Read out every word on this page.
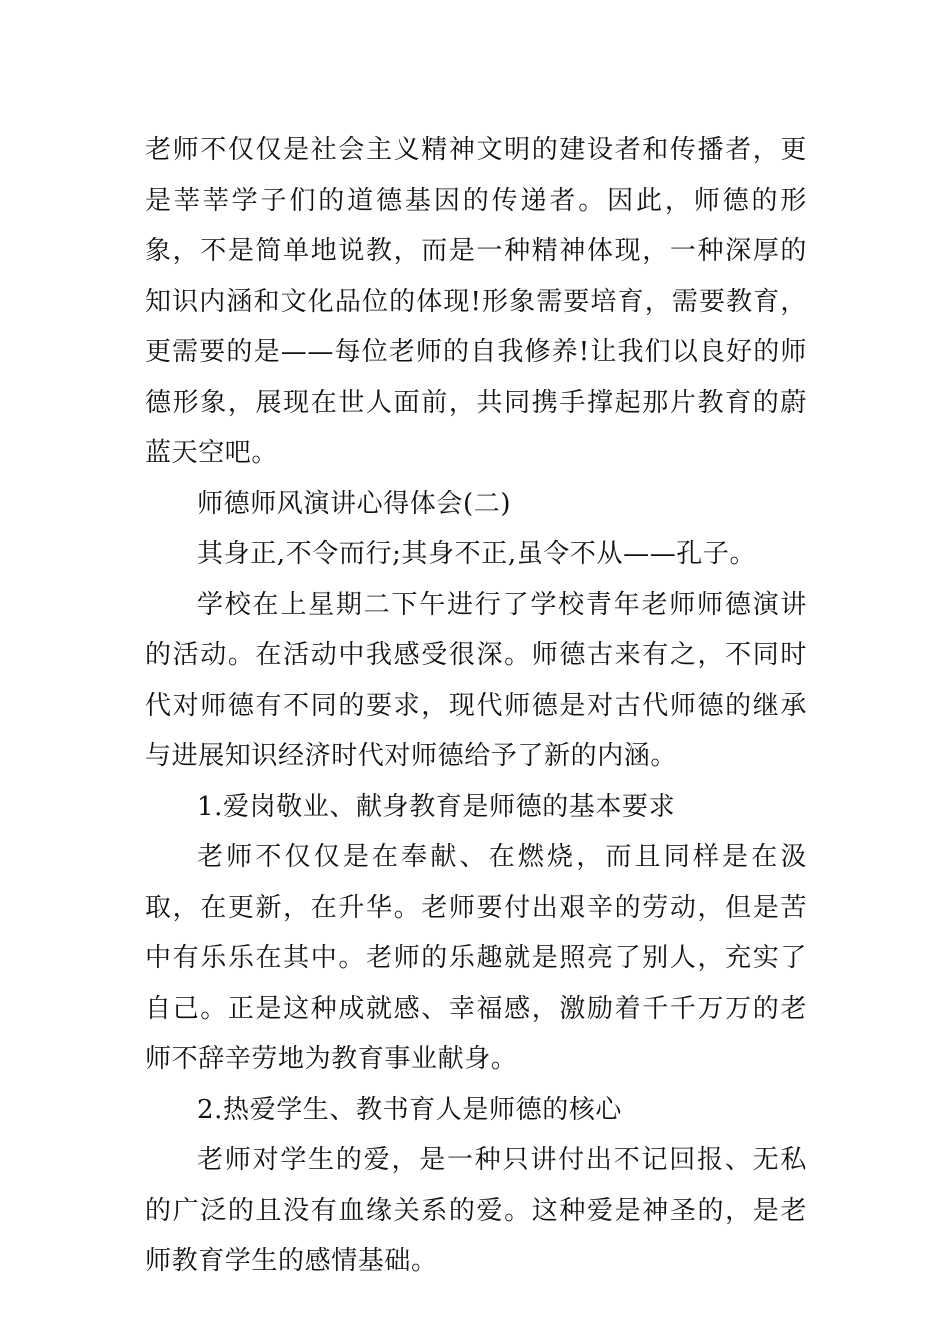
老师不仅仅是社会主义精神文明的建设者和传播者，更是莘莘学子们的道德基因的传递者。因此，师德的形象，不是简单地说教，而是一种精神体现，一种深厚的知识内涵和文化品位的体现!形象需要培育，需要教育，更需要的是——每位老师的自我修养!让我们以良好的师德形象，展现在世人面前，共同携手撑起那片教育的蔚蓝天空吧。

师德师风演讲心得体会(二)

其身正,不令而行;其身不正,虽令不从——孔子。

学校在上星期二下午进行了学校青年老师师德演讲的活动。在活动中我感受很深。师德古来有之，不同时代对师德有不同的要求，现代师德是对古代师德的继承与进展知识经济时代对师德给予了新的内涵。

1.爱岗敬业、献身教育是师德的基本要求

老师不仅仅是在奉献、在燃烧，而且同样是在汲取，在更新，在升华。老师要付出艰辛的劳动，但是苦中有乐乐在其中。老师的乐趣就是照亮了别人，充实了自己。正是这种成就感、幸福感，激励着千千万万的老师不辞辛劳地为教育事业献身。

2.热爱学生、教书育人是师德的核心

老师对学生的爱，是一种只讲付出不记回报、无私的广泛的且没有血缘关系的爱。这种爱是神圣的，是老师教育学生的感情基础。
